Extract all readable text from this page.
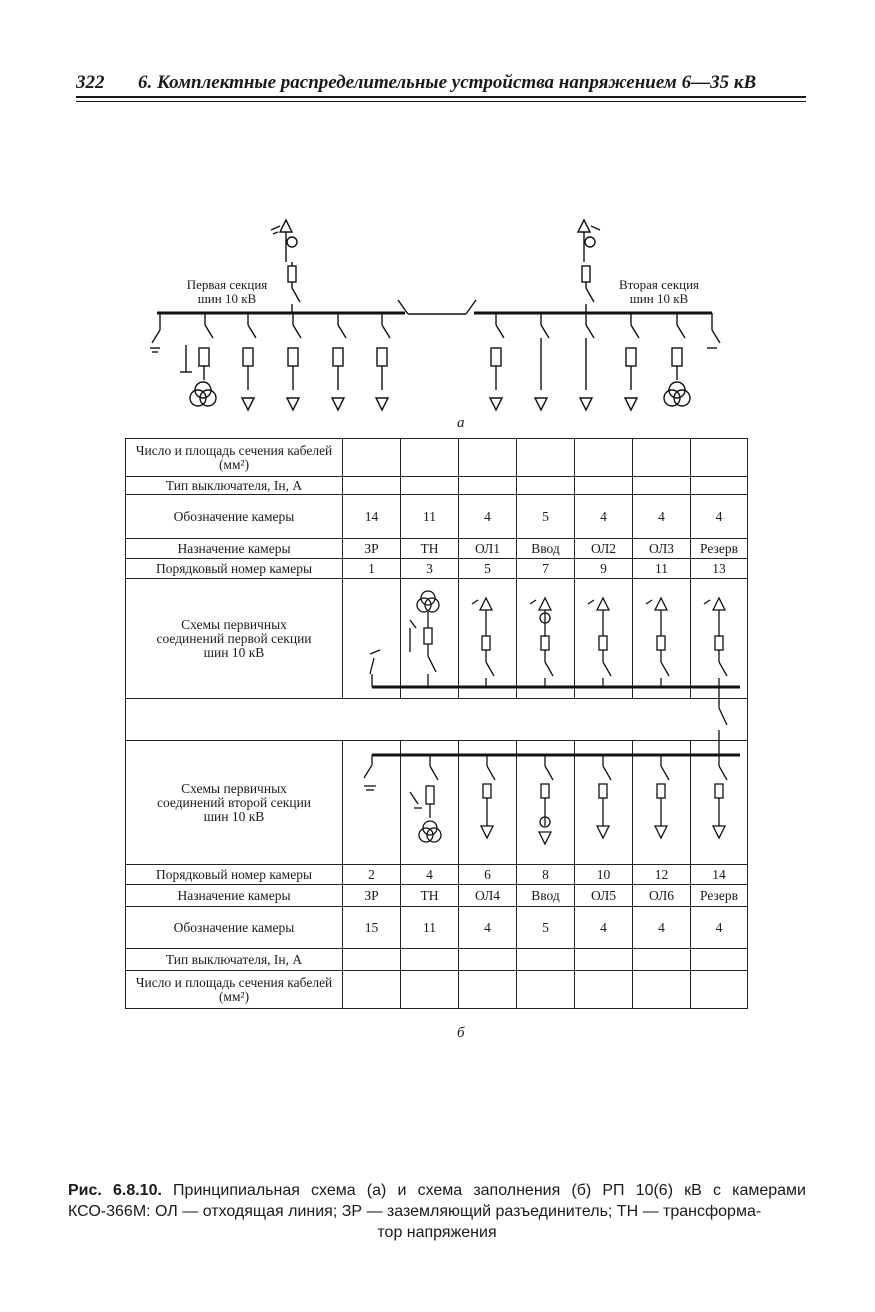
322 6. Комплектные распределительные устройства напряжением 6—35 кВ
Первая секция
шин 10 кВ
Вторая секция
шин 10 кВ
а
Число и площадь сечения кабелей (мм²)							
Тип выключателя, Iн, А							
Обозначение камеры	14	11	4	5	4	4	4
Назначение камеры	ЗР	ТН	ОЛ1	Ввод	ОЛ2	ОЛ3	Резерв
Порядковый номер камеры	1	3	5	7	9	11	13
Схемы первичных соединений первой секции шин 10 кВ							

Схемы первичных соединений второй секции шин 10 кВ							
Порядковый номер камеры	2	4	6	8	10	12	14
Назначение камеры	ЗР	ТН	ОЛ4	Ввод	ОЛ5	ОЛ6	Резерв
Обозначение камеры	15	11	4	5	4	4	4
Тип выключателя, Iн, А							
Число и площадь сечения кабелей (мм²)							
б
Рис. 6.8.10. Принципиальная схема (а) и схема заполнения (б) РП 10(6) кВ с камерами КСО-366М: ОЛ — отходящая линия; ЗР — заземляющий разъединитель; ТН — трансформа-
тор напряжения
